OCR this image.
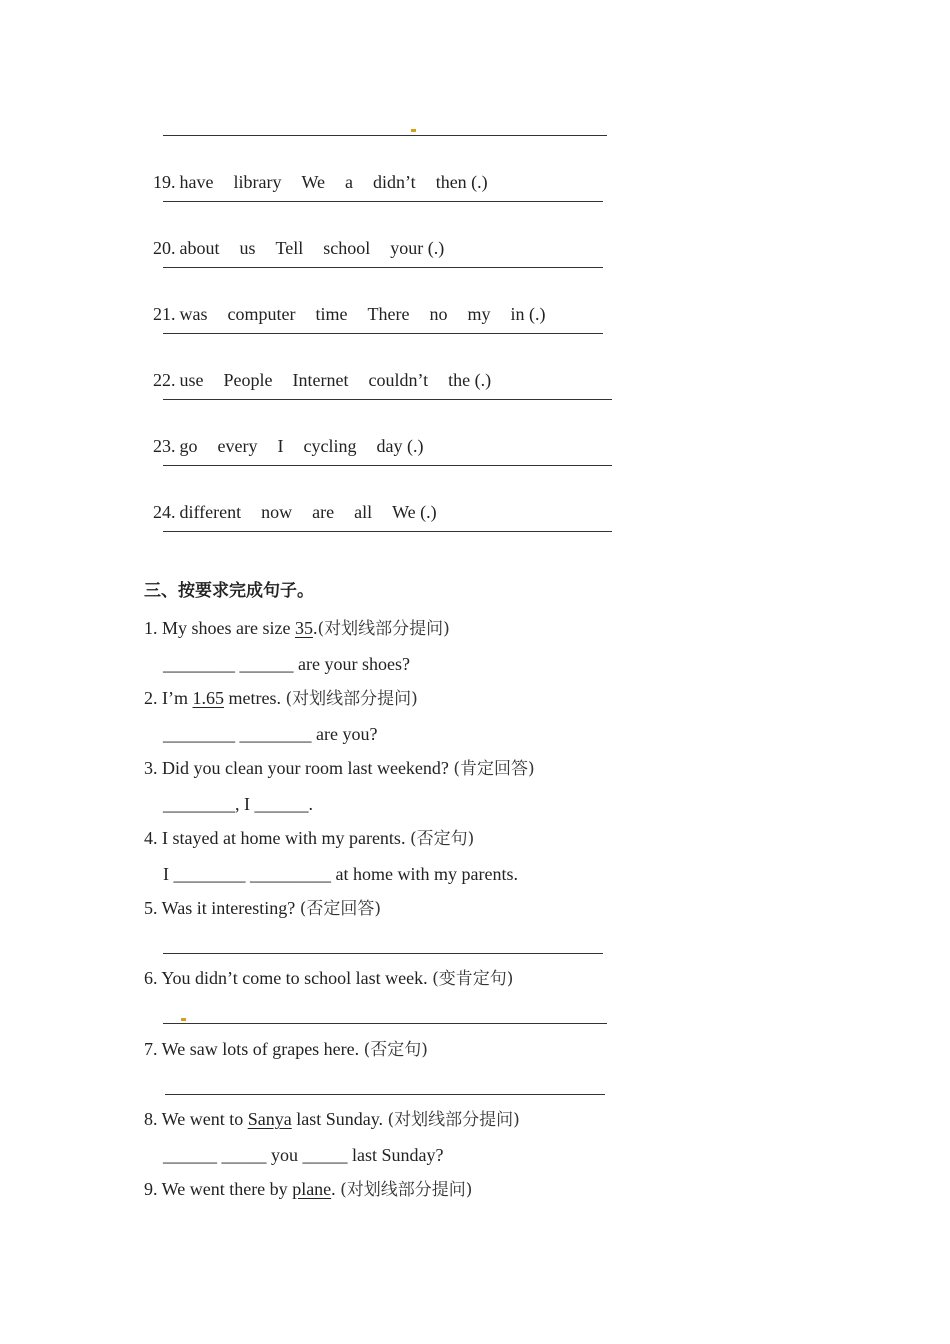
19. have library We a didn’t then (.)

20. about us Tell school your (.)

21. was computer time There no my in (.)

22. use People Internet couldn’t the (.)

23. go every I cycling day (.)

24. different now are all We (.)

三、按要求完成句子。
1. My shoes are size 35.(对划线部分提问)
________ ______ are your shoes?
2. I’m 1.65 metres. (对划线部分提问)
________ ________ are you?
3. Did you clean your room last weekend? (肯定回答)
________, I ______.
4. I stayed at home with my parents. (否定句)
I ________ _________ at home with my parents.
5. Was it interesting? (否定回答)
6. You didn’t come to school last week. (变肯定句)
7. We saw lots of grapes here. (否定句)
8. We went to Sanya last Sunday. (对划线部分提问)
______ _____ you _____ last Sunday?
9. We went there by plane. (对划线部分提问)
